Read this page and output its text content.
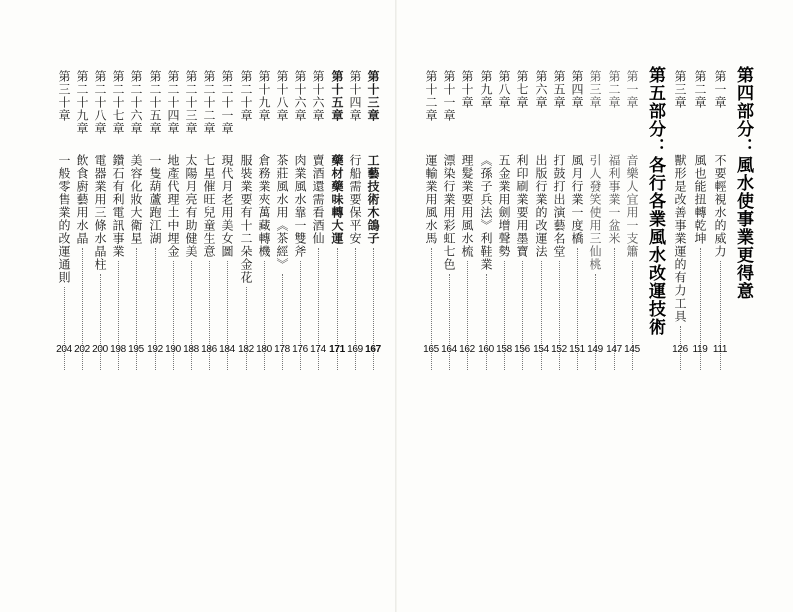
第十三章
工藝技術木鴿子
167
第十四章
行船需要保平安
169
第十五章
藥材藥味轉大運
171
第十六章
賣酒還需看酒仙
174
第十六章
肉業風水靠一雙斧
176
第十八章
茶莊風水用《茶經》
178
第十九章
倉務業夾萬藏轉機
180
第二十章
服裝業要有十二朵金花
182
第二十一章
現代月老用美女圖
184
第二十二章
七星催旺兒童生意
186
第二十三章
太陽月亮有助健美
188
第二十四章
地產代理土中埋金
190
第二十五章
一隻葫蘆跑江湖
192
第二十六章
美容化妝大衛星
195
第二十七章
鑽石有利電訊事業
198
第二十八章
電器業用三條水晶柱
200
第二十九章
飲食廚藝用水晶
202
第三十章
一般零售業的改運通則
204
第四部分：風水使事業更得意
第五部分：各行各業風水改運技術	第一章
不要輕視水的威力
111
第二章
風也能扭轉乾坤
119
第三章
獸形是改善事業運的有力工具
126
第一章
音樂人宜用一支簫
145
第二章
福利事業一盆米
147
第三章
引人發笑使用三仙桃
149
第四章
風月行業一度橋
151
第五章
打鼓打出演藝名堂
152
第六章
出版行業的改運法
154
第七章
利印刷業要用墨寶
156
第八章
五金業用劍增聲勢
158
第九章
《孫子兵法》利鞋業
160
第十章
理髮業要用風水梳
162
第十一章
漂染行業用彩虹七色
164
第十二章
運輸業用風水馬
165
